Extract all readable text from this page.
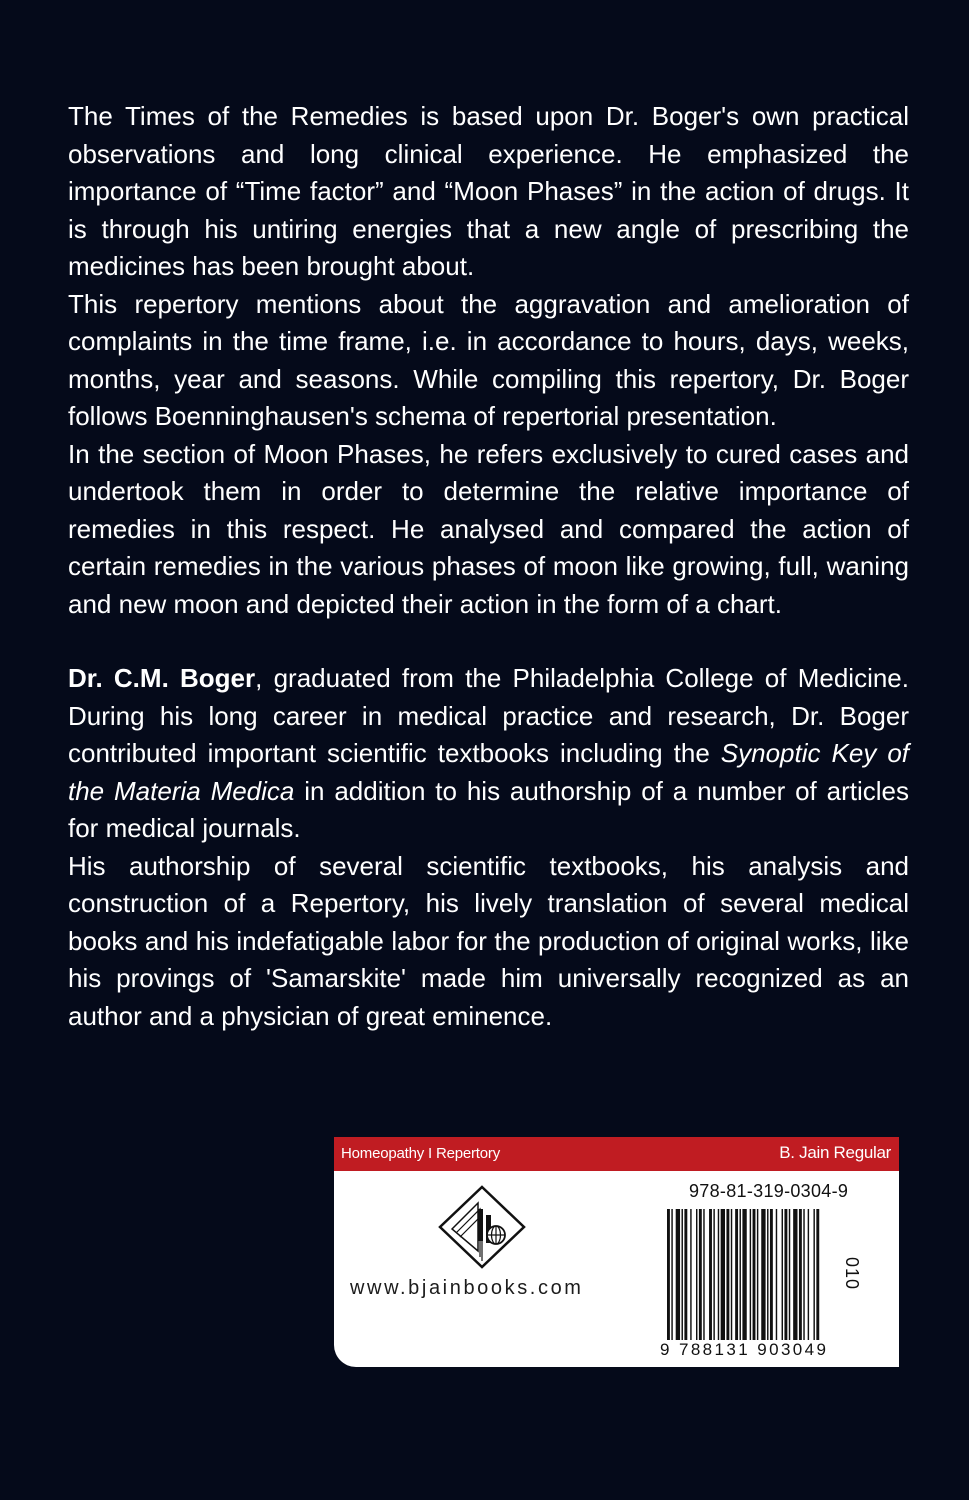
The Times of the Remedies is based upon Dr. Boger's own practical observations and long clinical experience. He emphasized the importance of “Time factor” and “Moon Phases” in the action of drugs. It is through his untiring energies that a new angle of prescribing the medicines has been brought about.

This repertory mentions about the aggravation and amelioration of complaints in the time frame, i.e. in accordance to hours, days, weeks, months, year and seasons. While compiling this repertory, Dr. Boger follows Boenninghausen's schema of repertorial presentation.

In the section of Moon Phases, he refers exclusively to cured cases and undertook them in order to determine the relative importance of remedies in this respect. He analysed and compared the action of certain remedies in the various phases of moon like growing, full, waning and new moon and depicted their action in the form of a chart.

Dr. C.M. Boger, graduated from the Philadelphia College of Medicine. During his long career in medical practice and research, Dr. Boger contributed important scientific textbooks including the Synoptic Key of the Materia Medica in addition to his authorship of a number of articles for medical journals.

His authorship of several scientific textbooks, his analysis and construction of a Repertory, his lively translation of several medical books and his indefatigable labor for the production of original works, like his provings of 'Samarskite' made him universally recognized as an author and a physician of great eminence.

Homeopathy I Repertory	B. Jain Regular
www.bjainbooks.com
978-81-319-0304-9
9 788131 903049
010
